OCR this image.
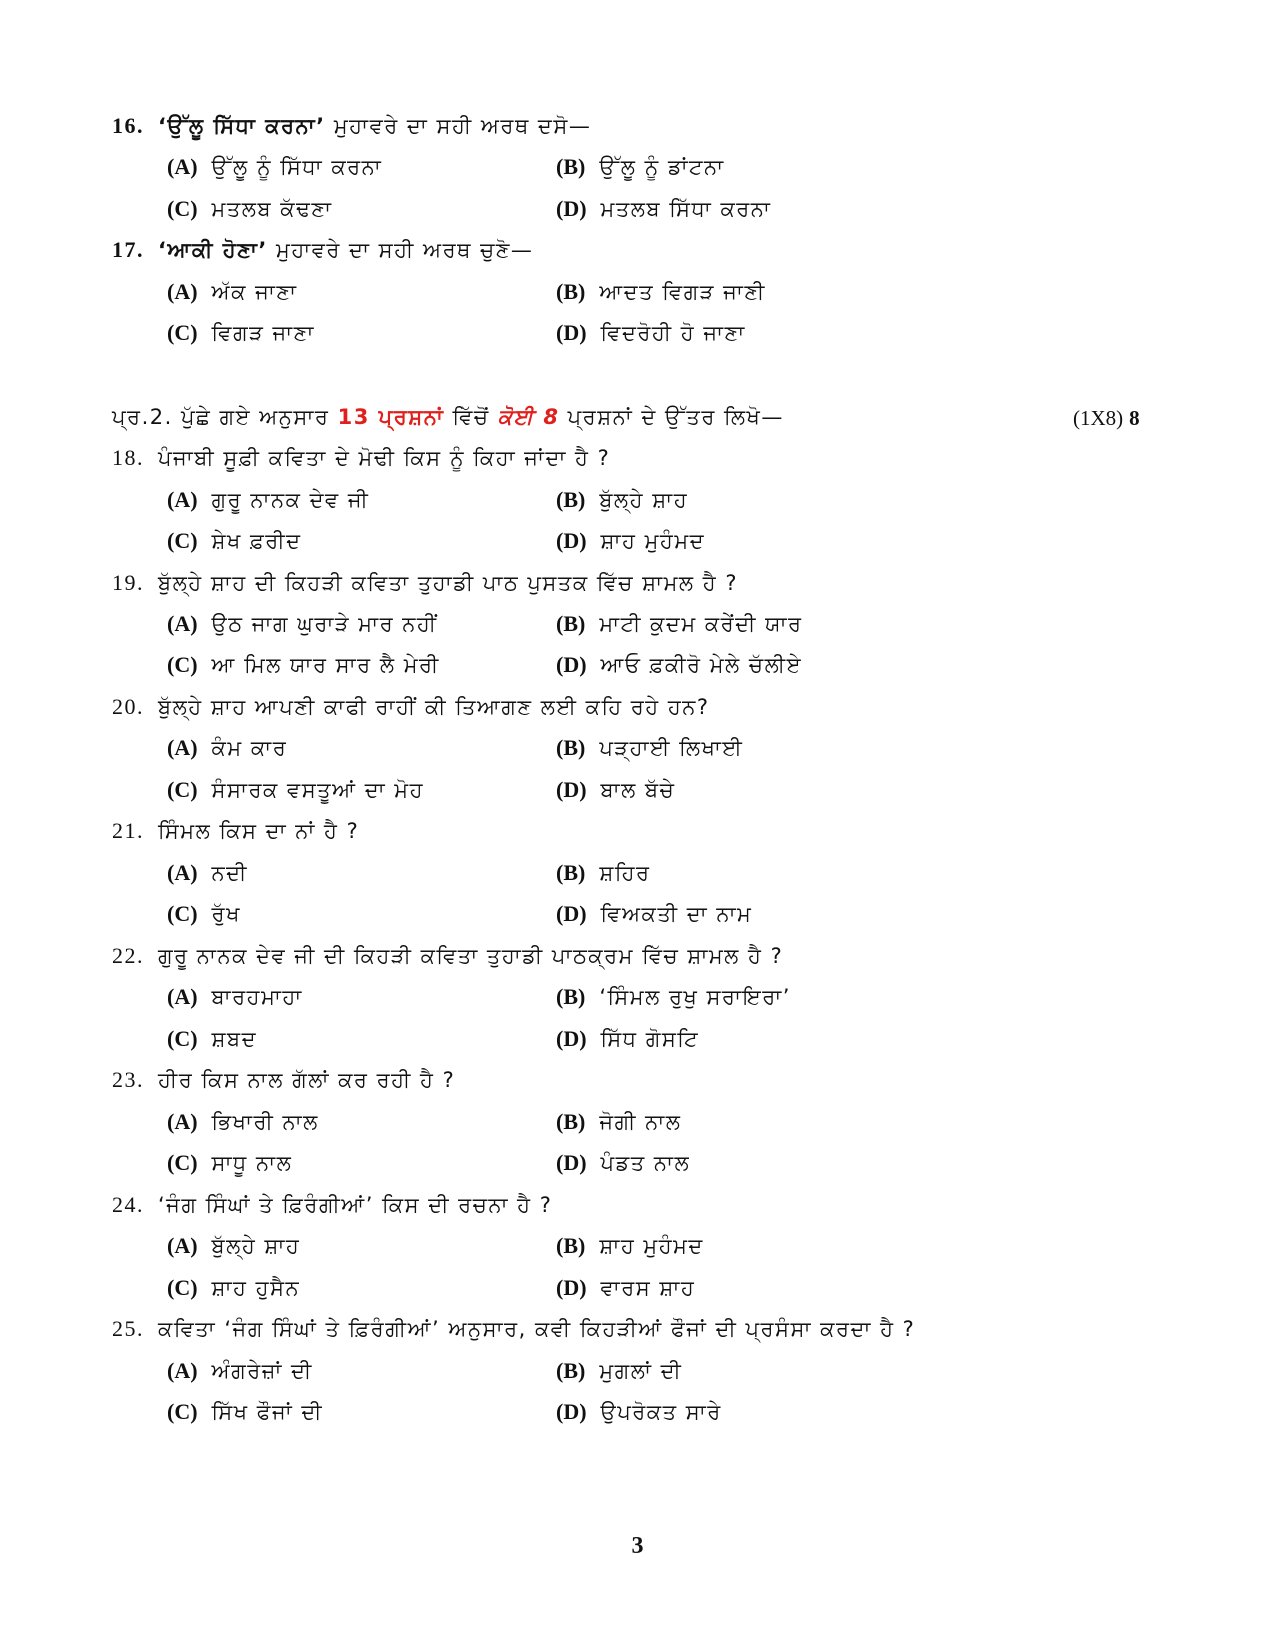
16. ‘ਉੱਲੂ ਸਿੱਧਾ ਕਰਨਾ’ ਮੁਹਾਵਰੇ ਦਾ ਸਹੀ ਅਰਥ ਦਸੋ—
(A) ਉੱਲੂ ਨੂੰ ਸਿੱਧਾ ਕਰਨਾ	(B) ਉੱਲੂ ਨੂੰ ਡਾਂਟਨਾ
(C) ਮਤਲਬ ਕੱਢਣਾ	(D) ਮਤਲਬ ਸਿੱਧਾ ਕਰਨਾ
17. ‘ਆਕੀ ਹੋਣਾ’ ਮੁਹਾਵਰੇ ਦਾ ਸਹੀ ਅਰਥ ਚੁਣੋ—
(A) ਅੱਕ ਜਾਣਾ	(B) ਆਦਤ ਵਿਗੜ ਜਾਣੀ
(C) ਵਿਗੜ ਜਾਣਾ	(D) ਵਿਦਰੋਹੀ ਹੋ ਜਾਣਾ
ਪ੍ਰ.2. ਪੁੱਛੇ ਗਏ ਅਨੁਸਾਰ 13 ਪ੍ਰਸ਼ਨਾਂ ਵਿੱਚੋਂ ਕੋਈ 8 ਪ੍ਰਸ਼ਨਾਂ ਦੇ ਉੱਤਰ ਲਿਖੋ—	(1X8) 8
18. ਪੰਜਾਬੀ ਸੂਫ਼ੀ ਕਵਿਤਾ ਦੇ ਮੋਢੀ ਕਿਸ ਨੂੰ ਕਿਹਾ ਜਾਂਦਾ ਹੈ ?
(A) ਗੁਰੂ ਨਾਨਕ ਦੇਵ ਜੀ	(B) ਬੁੱਲ੍ਹੇ ਸ਼ਾਹ
(C) ਸ਼ੇਖ ਫ਼ਰੀਦ	(D) ਸ਼ਾਹ ਮੁਹੰਮਦ
19. ਬੁੱਲ੍ਹੇ ਸ਼ਾਹ ਦੀ ਕਿਹੜੀ ਕਵਿਤਾ ਤੁਹਾਡੀ ਪਾਠ ਪੁਸਤਕ ਵਿੱਚ ਸ਼ਾਮਲ ਹੈ ?
(A) ਉਠ ਜਾਗ ਘੁਰਾੜੇ ਮਾਰ ਨਹੀਂ	(B) ਮਾਟੀ ਕੁਦਮ ਕਰੇਂਦੀ ਯਾਰ
(C) ਆ ਮਿਲ ਯਾਰ ਸਾਰ ਲੈ ਮੇਰੀ	(D) ਆਓ ਫ਼ਕੀਰੋ ਮੇਲੇ ਚੱਲੀਏ
20. ਬੁੱਲ੍ਹੇ ਸ਼ਾਹ ਆਪਣੀ ਕਾਫੀ ਰਾਹੀਂ ਕੀ ਤਿਆਗਣ ਲਈ ਕਹਿ ਰਹੇ ਹਨ?
(A) ਕੰਮ ਕਾਰ	(B) ਪੜ੍ਹਾਈ ਲਿਖਾਈ
(C) ਸੰਸਾਰਕ ਵਸਤੂਆਂ ਦਾ ਮੋਹ	(D) ਬਾਲ ਬੱਚੇ
21. ਸਿੰਮਲ ਕਿਸ ਦਾ ਨਾਂ ਹੈ ?
(A) ਨਦੀ	(B) ਸ਼ਹਿਰ
(C) ਰੁੱਖ	(D) ਵਿਅਕਤੀ ਦਾ ਨਾਮ
22. ਗੁਰੂ ਨਾਨਕ ਦੇਵ ਜੀ ਦੀ ਕਿਹੜੀ ਕਵਿਤਾ ਤੁਹਾਡੀ ਪਾਠਕ੍ਰਮ ਵਿੱਚ ਸ਼ਾਮਲ ਹੈ ?
(A) ਬਾਰਹਮਾਹਾ	(B) ‘ਸਿੰਮਲ ਰੁਖੁ ਸਰਾਇਰਾ’
(C) ਸ਼ਬਦ	(D) ਸਿੱਧ ਗੋਸਟਿ
23. ਹੀਰ ਕਿਸ ਨਾਲ ਗੱਲਾਂ ਕਰ ਰਹੀ ਹੈ ?
(A) ਭਿਖਾਰੀ ਨਾਲ	(B) ਜੋਗੀ ਨਾਲ
(C) ਸਾਧੂ ਨਾਲ	(D) ਪੰਡਤ ਨਾਲ
24. ‘ਜੰਗ ਸਿੰਘਾਂ ਤੇ ਫ਼ਿਰੰਗੀਆਂ’ ਕਿਸ ਦੀ ਰਚਨਾ ਹੈ ?
(A) ਬੁੱਲ੍ਹੇ ਸ਼ਾਹ	(B) ਸ਼ਾਹ ਮੁਹੰਮਦ
(C) ਸ਼ਾਹ ਹੁਸੈਨ	(D) ਵਾਰਸ ਸ਼ਾਹ
25. ਕਵਿਤਾ ‘ਜੰਗ ਸਿੰਘਾਂ ਤੇ ਫ਼ਿਰੰਗੀਆਂ’ ਅਨੁਸਾਰ, ਕਵੀ ਕਿਹੜੀਆਂ ਫੌਜਾਂ ਦੀ ਪ੍ਰਸੰਸਾ ਕਰਦਾ ਹੈ ?
(A) ਅੰਗਰੇਜ਼ਾਂ ਦੀ	(B) ਮੁਗਲਾਂ ਦੀ
(C) ਸਿੱਖ ਫੌਜਾਂ ਦੀ	(D) ਉਪਰੋਕਤ ਸਾਰੇ
3
